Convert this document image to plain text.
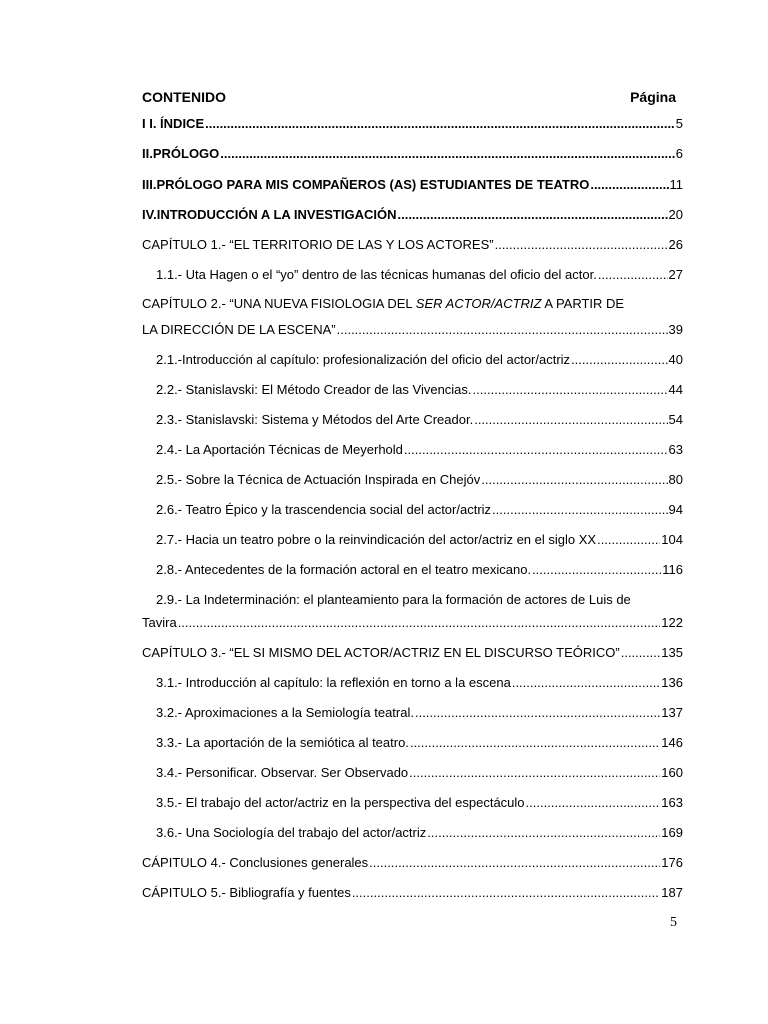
CONTENIDO	Página
I I. ÍNDICE .....	5
II.PRÓLOGO .....	6
III.PRÓLOGO PARA MIS COMPAÑEROS (AS) ESTUDIANTES DE TEATRO .....	11
IV.INTRODUCCIÓN A LA INVESTIGACIÓN .....	20
CAPÍTULO 1.- “EL TERRITORIO DE LAS Y LOS ACTORES” .....	26
1.1.- Uta Hagen o el “yo” dentro de las técnicas humanas del oficio del actor. .....	27
CAPÍTULO 2.- “UNA NUEVA FISIOLOGIA DEL SER ACTOR/ACTRIZ A PARTIR DE
LA DIRECCIÓN DE LA ESCENA” .....	39
2.1.-Introducción al capítulo: profesionalización del oficio del actor/actriz .....	40
2.2.- Stanislavski: El Método Creador de las Vivencias. .....	44
2.3.- Stanislavski: Sistema y Métodos del Arte Creador. .....	54
2.4.- La Aportación Técnicas de Meyerhold .....	63
2.5.- Sobre la Técnica de Actuación Inspirada en Chejóv .....	80
2.6.- Teatro Épico y la trascendencia social del actor/actriz .....	94
2.7.- Hacia un teatro pobre o la reinvindicación del actor/actriz en el siglo XX .....	104
2.8.- Antecedentes de la formación actoral en el teatro mexicano. .....	116
2.9.- La Indeterminación: el planteamiento para la formación de actores de Luis de
Tavira .....	122
CAPÍTULO 3.- “EL SI MISMO DEL ACTOR/ACTRIZ EN EL DISCURSO TEÓRICO” .....	135
3.1.- Introducción al capítulo: la reflexión en torno a la escena .....	136
3.2.- Aproximaciones a la Semiología teatral. .....	137
3.3.- La aportación de la semiótica al teatro. .....	146
3.4.- Personificar. Observar. Ser Observado .....	160
3.5.- El trabajo del actor/actriz en la perspectiva del espectáculo .....	163
3.6.- Una Sociología del trabajo del actor/actriz .....	169
CÁPITULO 4.- Conclusiones generales .....	176
CÁPITULO 5.- Bibliografía y fuentes .....	187
5
